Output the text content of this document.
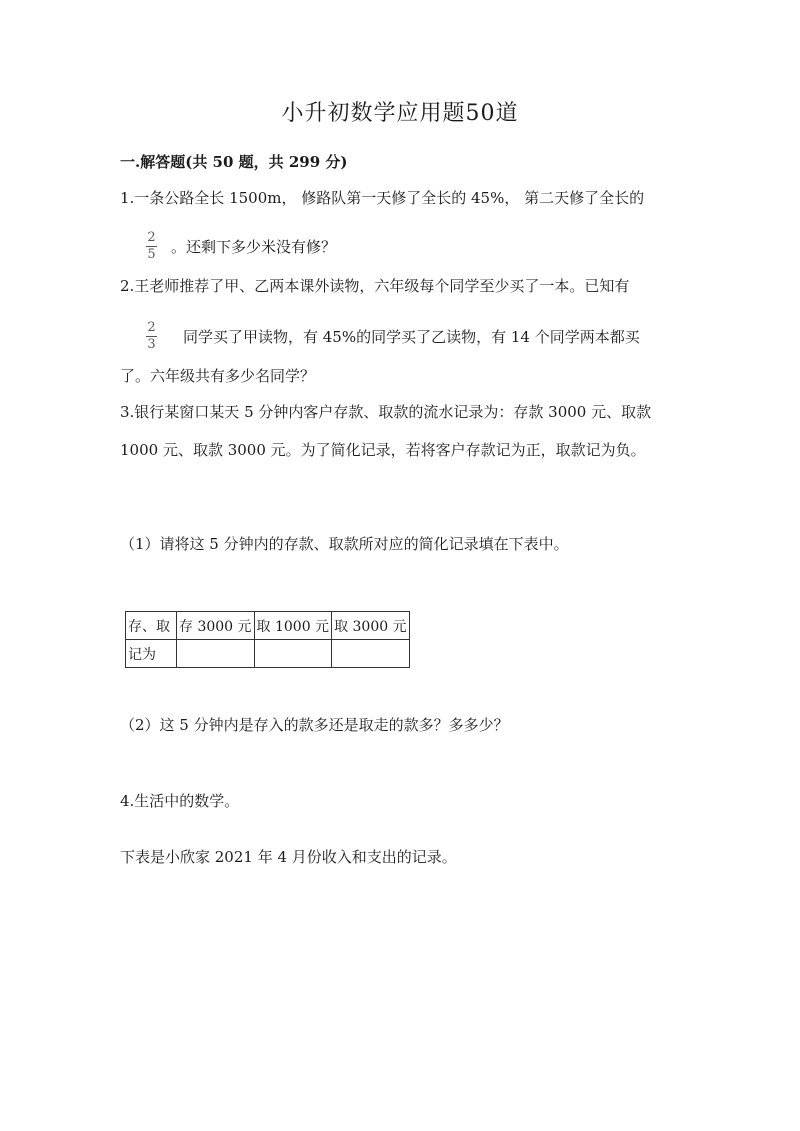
小升初数学应用题50道
一.解答题(共 50 题，共 299 分)
1.一条公路全长 1500m， 修路队第一天修了全长的 45%， 第二天修了全长的
$\frac{2}{5}$ 。还剩下多少米没有修？
2.王老师推荐了甲、乙两本课外读物，六年级每个同学至少买了一本。已知有
$\frac{2}{3}$ 同学买了甲读物，有 45%的同学买了乙读物，有 14 个同学两本都买
了。六年级共有多少名同学？
3.银行某窗口某天 5 分钟内客户存款、取款的流水记录为：存款 3000 元、取款
1000 元、取款 3000 元。为了简化记录，若将客户存款记为正，取款记为负。
（1）请将这 5 分钟内的存款、取款所对应的简化记录填在下表中。
存、取	存 3000 元	取 1000 元	取 3000 元
记为			
（2）这 5 分钟内是存入的款多还是取走的款多？多多少？
4.生活中的数学。
下表是小欣家 2021 年 4 月份收入和支出的记录。
